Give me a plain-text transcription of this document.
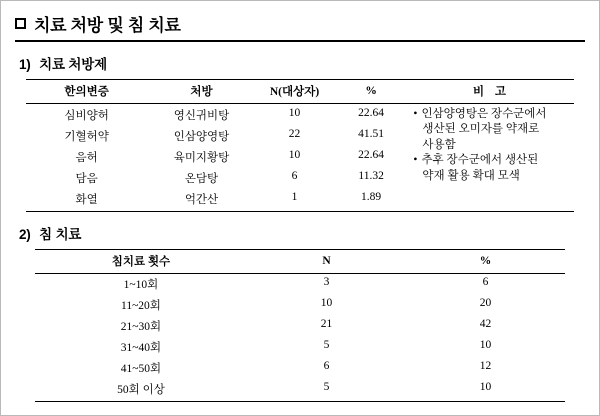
치료 처방 및 침 치료
1) 치료 처방제
한의변증	처방	N(대상자)	%	비 고
심비양허	영신귀비탕	10	22.64	• 인삼양영탕은 장수군에서
생산된 오미자를 약재로
사용함
• 추후 장수군에서 생산된
약재 활용 확대 모색

기혈허약	인삼양영탕	22	41.51	
음허	육미지황탕	10	22.64	
담음	온담탕	6	11.32	
화열	억간산	1	1.89	
2) 침 치료
침치료 횟수	N	%
1~10회	3	6
11~20회	10	20
21~30회	21	42
31~40회	5	10
41~50회	6	12
50회 이상	5	10
